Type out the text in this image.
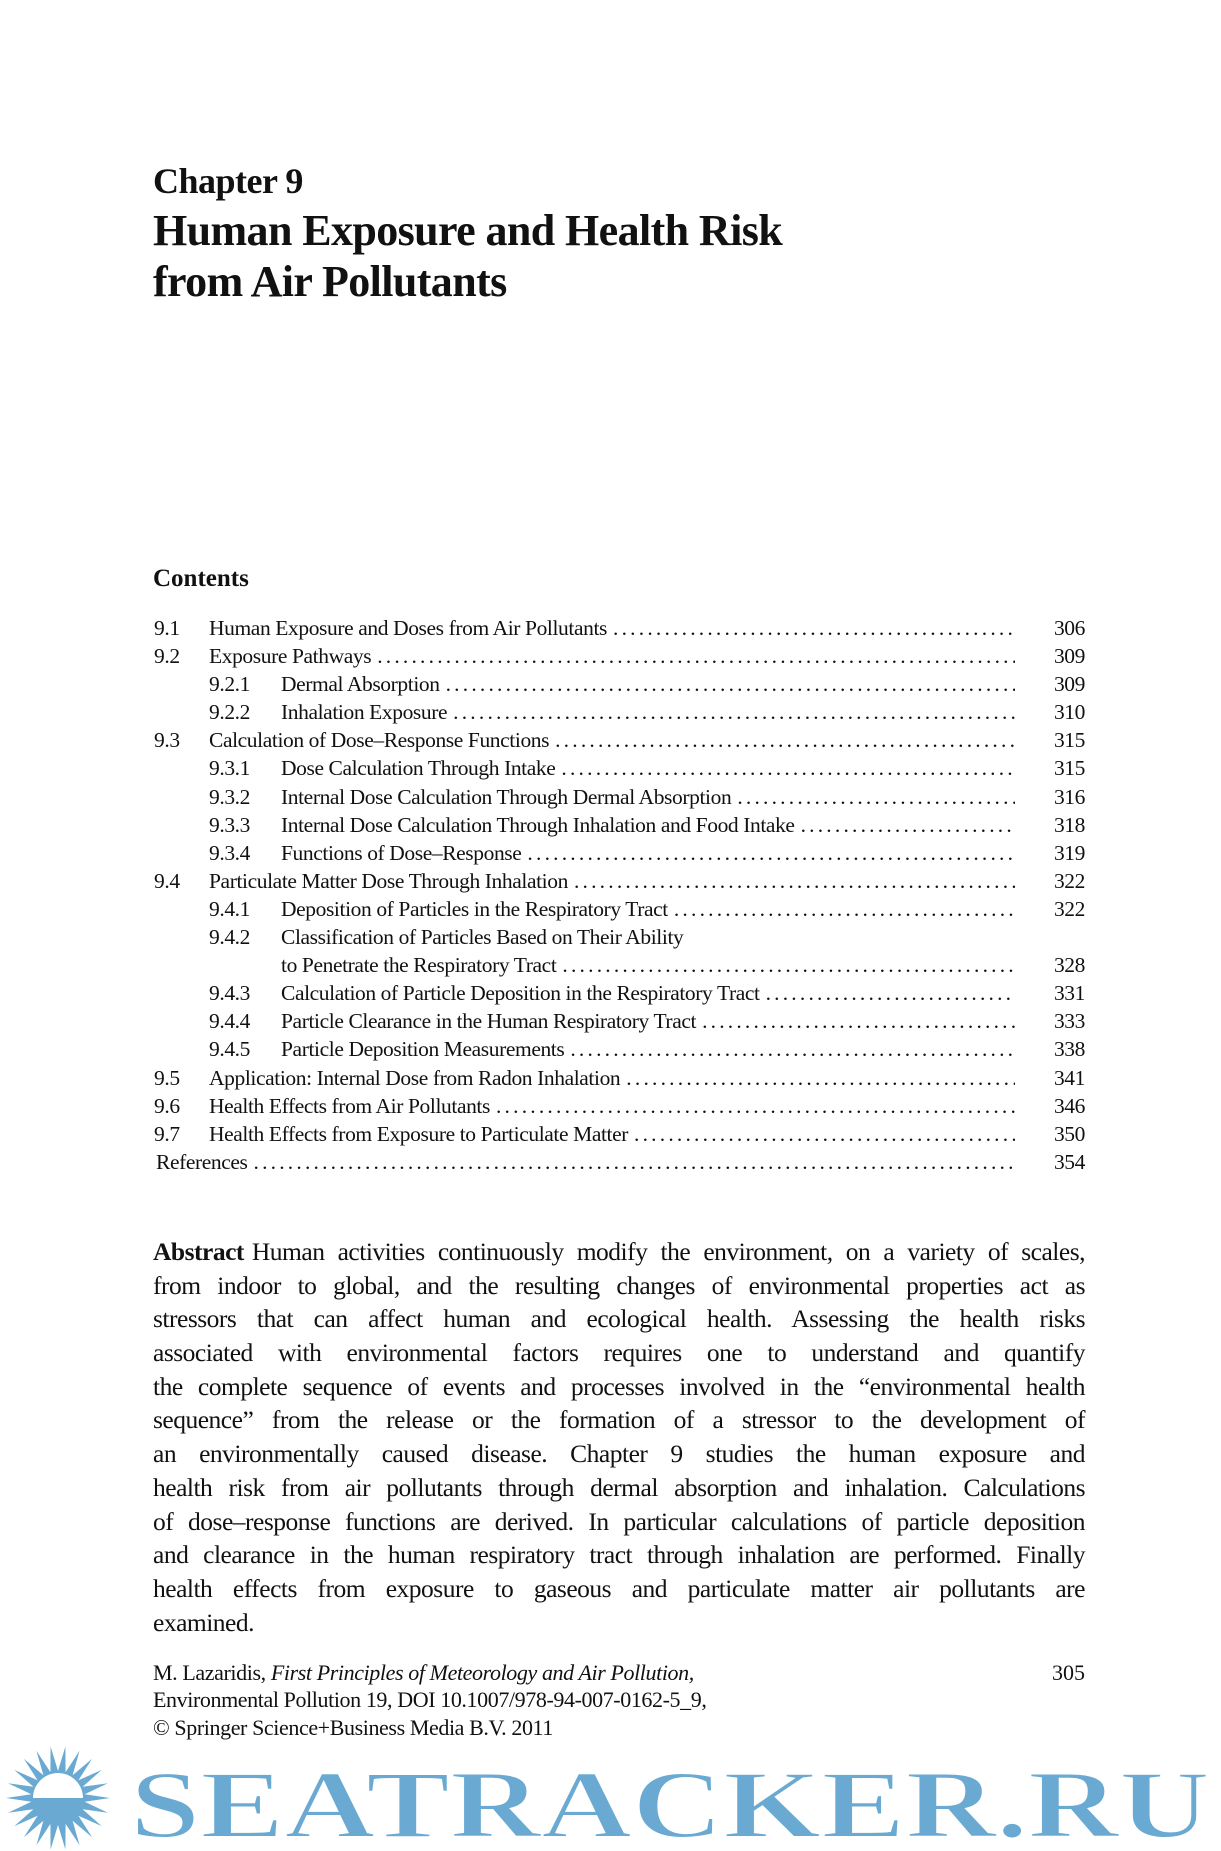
Chapter 9
Human Exposure and Health Risk
from Air Pollutants
Contents
9.1 Human Exposure and Doses from Air Pollutants .....	306
9.2 Exposure Pathways .....	309
9.2.1 Dermal Absorption .....	309
9.2.2 Inhalation Exposure .....	310
9.3 Calculation of Dose–Response Functions .....	315
9.3.1 Dose Calculation Through Intake .....	315
9.3.2 Internal Dose Calculation Through Dermal Absorption .....	316
9.3.3 Internal Dose Calculation Through Inhalation and Food Intake .....	318
9.3.4 Functions of Dose–Response .....	319
9.4 Particulate Matter Dose Through Inhalation .....	322
9.4.1 Deposition of Particles in the Respiratory Tract .....	322
9.4.2 Classification of Particles Based on Their Ability
to Penetrate the Respiratory Tract .....	328
9.4.3 Calculation of Particle Deposition in the Respiratory Tract .....	331
9.4.4 Particle Clearance in the Human Respiratory Tract .....	333
9.4.5 Particle Deposition Measurements .....	338
9.5 Application: Internal Dose from Radon Inhalation .....	341
9.6 Health Effects from Air Pollutants .....	346
9.7 Health Effects from Exposure to Particulate Matter .....	350
References .....	354
Abstract Human activities continuously modify the environment, on a variety of scales,
from indoor to global, and the resulting changes of environmental properties act as
stressors that can affect human and ecological health. Assessing the health risks
associated with environmental factors requires one to understand and quantify
the complete sequence of events and processes involved in the “environmental health
sequence” from the release or the formation of a stressor to the development of
an environmentally caused disease. Chapter 9 studies the human exposure and
health risk from air pollutants through dermal absorption and inhalation. Calculations
of dose–response functions are derived. In particular calculations of particle deposition
and clearance in the human respiratory tract through inhalation are performed. Finally
health effects from exposure to gaseous and particulate matter air pollutants are
examined.
M. Lazaridis, First Principles of Meteorology and Air Pollution,
Environmental Pollution 19, DOI 10.1007/978-94-007-0162-5_9,
© Springer Science+Business Media B.V. 2011
305
SEATRACKER.RU
